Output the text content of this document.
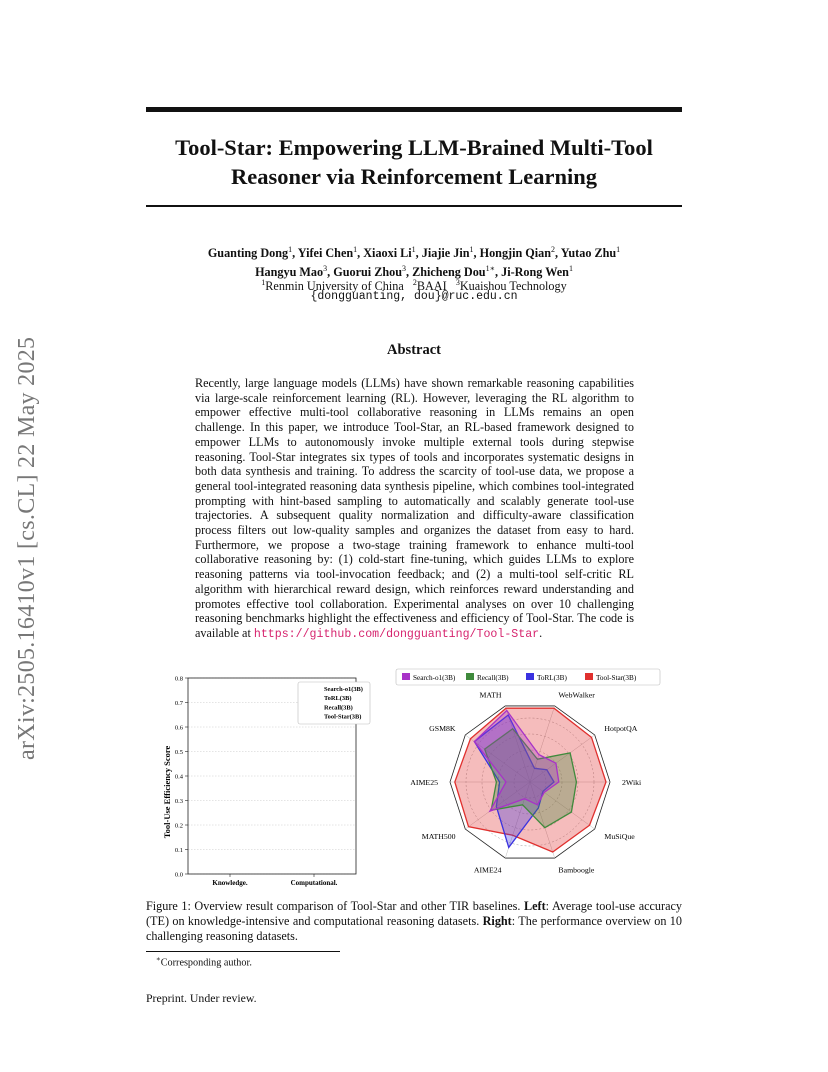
arXiv:2505.16410v1 [cs.CL] 22 May 2025
Tool-Star: Empowering LLM-Brained Multi-Tool
Reasoner via Reinforcement Learning
Guanting Dong$^1$, Yifei Chen$^1$, Xiaoxi Li$^1$, Jiajie Jin$^1$, Hongjin Qian$^2$, Yutao Zhu$^1$
Hangyu Mao$^3$, Guorui Zhou$^3$, Zhicheng Dou$^{1∗}$, Ji-Rong Wen$^1$
$^1$Renmin University of China $^2$BAAI $^3$Kuaishou Technology
{dongguanting, dou}@ruc.edu.cn
Abstract
Recently, large language models (LLMs) have shown remarkable reasoning capabilities via large-scale reinforcement learning (RL). However, leveraging the RL algorithm to empower effective multi-tool collaborative reasoning in LLMs remains an open challenge. In this paper, we introduce Tool-Star, an RL-based framework designed to empower LLMs to autonomously invoke multiple external tools during stepwise reasoning. Tool-Star integrates six types of tools and incorporates systematic designs in both data synthesis and training. To address the scarcity of tool-use data, we propose a general tool-integrated reasoning data synthesis pipeline, which combines tool-integrated prompting with hint-based sampling to automatically and scalably generate tool-use trajectories. A subsequent quality normalization and difficulty-aware classification process filters out low-quality samples and organizes the dataset from easy to hard. Furthermore, we propose a two-stage training framework to enhance multi-tool collaborative reasoning by: (1) cold-start fine-tuning, which guides LLMs to explore reasoning patterns via tool-invocation feedback; and (2) a multi-tool self-critic RL algorithm with hierarchical reward design, which reinforces reward understanding and promotes effective tool collaboration. Experimental analyses on over 10 challenging reasoning benchmarks highlight the effectiveness and efficiency of Tool-Star. The code is available at https://github.com/dongguanting/Tool-Star.
Tool-Use Efficiency Score
0.0
0.1
0.2
0.3
0.4
0.5
0.6
0.7
0.8
Knowledge.	Computational.
Search-o1(3B)
ToRL(3B)
Recall(3B)
Tool-Star(3B)
Search-o1(3B)	Recall(3B)	ToRL(3B)	Tool-Star(3B)
WebWalker
HotpotQA
2Wiki
MuSiQue
Bamboogle
AIME24
MATH500
AIME25
GSM8K
MATH
Figure 1: Overview result comparison of Tool-Star and other TIR baselines. Left: Average tool-use accuracy (TE) on knowledge-intensive and computational reasoning datasets. Right: The performance overview on 10 challenging reasoning datasets.
∗Corresponding author.
Preprint. Under review.
